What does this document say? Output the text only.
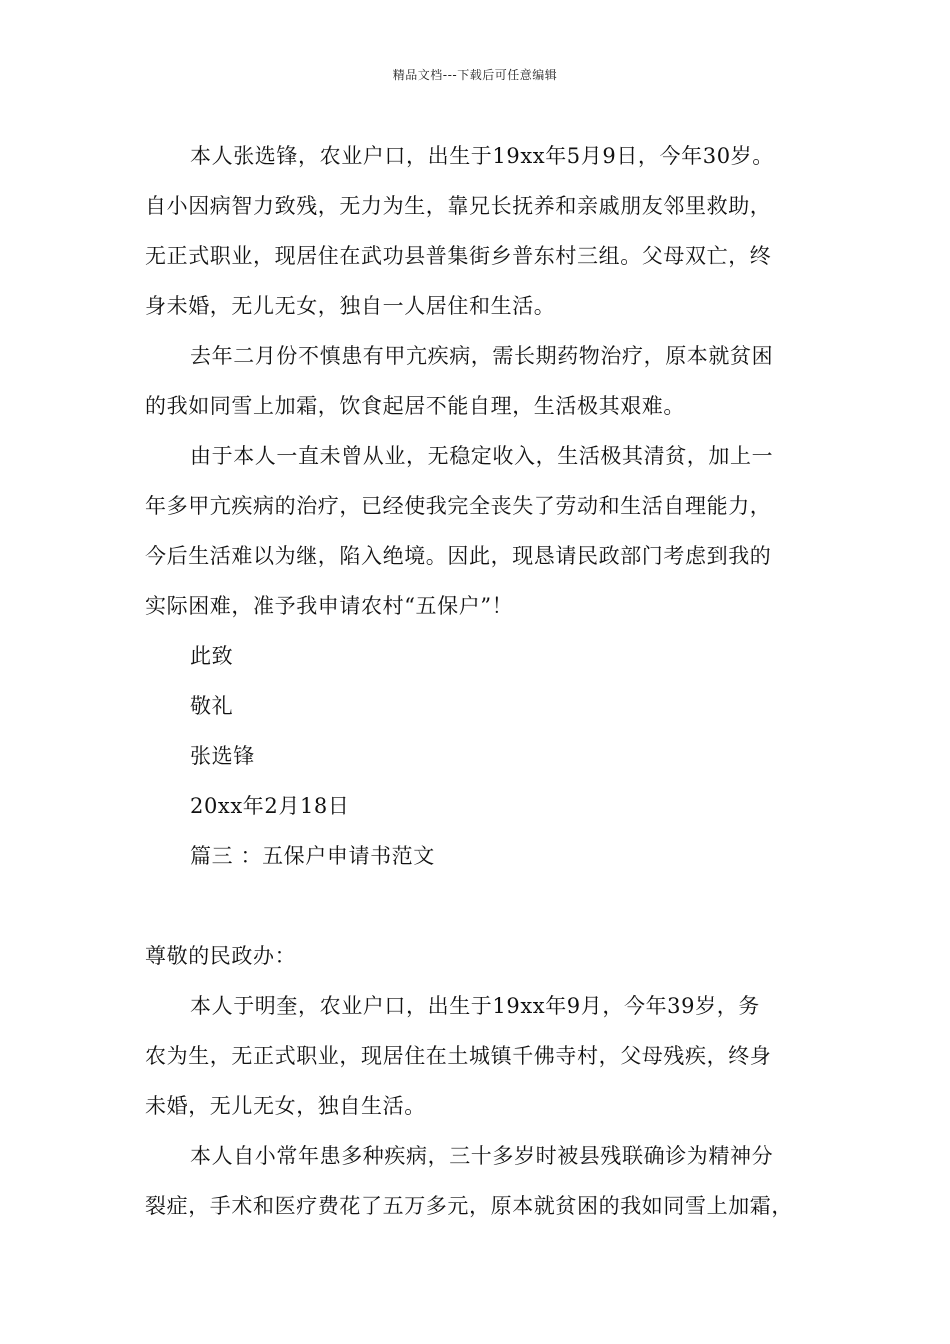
精品文档---下载后可任意编辑
本人张选锋，农业户口，出生于19xx年5月9日，今年30岁。
自小因病智力致残，无力为生，靠兄长抚养和亲戚朋友邻里救助，
无正式职业，现居住在武功县普集街乡普东村三组。父母双亡，终
身未婚，无儿无女，独自一人居住和生活。
去年二月份不慎患有甲亢疾病，需长期药物治疗，原本就贫困
的我如同雪上加霜，饮食起居不能自理，生活极其艰难。
由于本人一直未曾从业，无稳定收入，生活极其清贫，加上一
年多甲亢疾病的治疗，已经使我完全丧失了劳动和生活自理能力，
今后生活难以为继，陷入绝境。因此，现恳请民政部门考虑到我的
实际困难，准予我申请农村“五保户”！
此致
敬礼
张选锋
20xx年2月18日
篇三 ：五保户申请书范文
尊敬的民政办：
本人于明奎，农业户口，出生于19xx年9月，今年39岁，务
农为生，无正式职业，现居住在土城镇千佛寺村，父母残疾，终身
未婚，无儿无女，独自生活。
本人自小常年患多种疾病，三十多岁时被县残联确诊为精神分
裂症，手术和医疗费花了五万多元，原本就贫困的我如同雪上加霜，
